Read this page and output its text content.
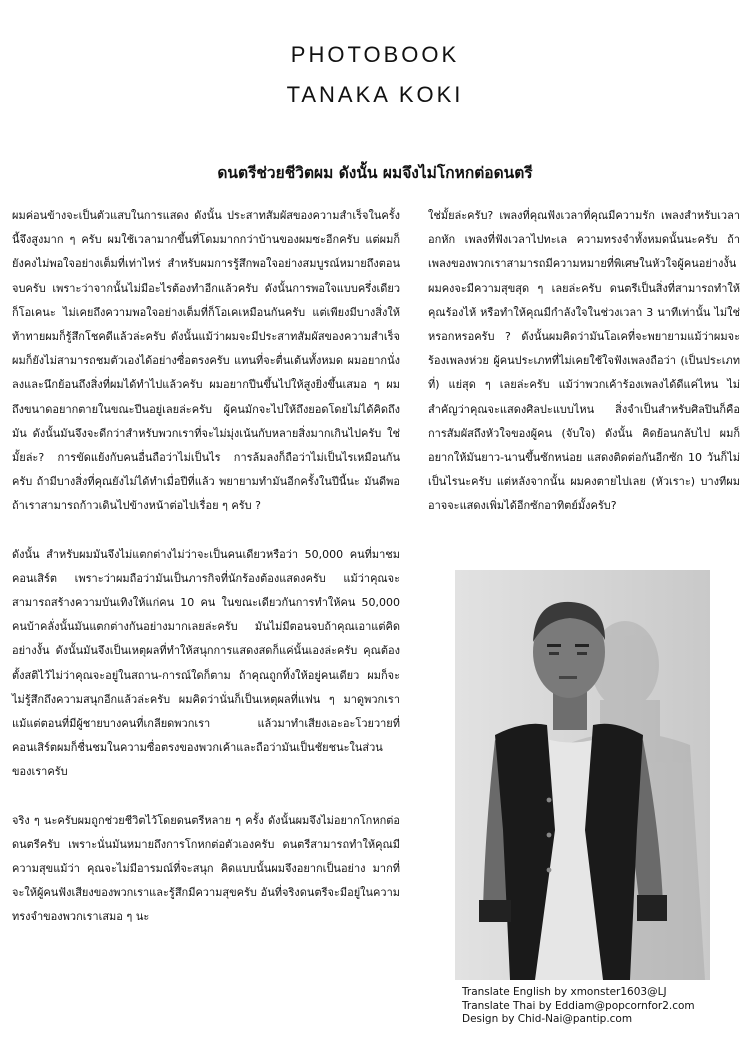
PHOTOBOOK
TANAKA KOKI
ดนตรีช่วยชีวิตผม ดังนั้น ผมจึงไม่โกหกต่อดนตรี

ผมค่อนข้างจะเป็นตัวแสบในการแสดง ดังนั้น ประสาทสัมผัสของความสำเร็จในครั้งนี้จึงสูงมาก ๆ ครับ ผมใช้เวลามากขึ้นที่โดมมากกว่าบ้านของผมซะอีกครับ แต่ผมก็ยังคงไม่พอใจอย่างเต็มที่เท่าไหร่ สำหรับผมการรู้สึกพอใจอย่างสมบูรณ์หมายถึงตอนจบครับ เพราะว่าจากนั้นไม่มีอะไรต้องทำอีกแล้วครับ ดังนั้นการพอใจแบบครึ่งเดียวก็โอเคนะ ไม่เคยถึงความพอใจอย่างเต็มที่ก็โอเคเหมือนกันครับ แต่เพียงมีบางสิ่งให้ท้าทายผมก็รู้สึกโชคดีแล้วล่ะครับ ดังนั้นแม้ว่าผมจะมีประสาทสัมผัสของความสำเร็จ ผมก็ยังไม่สามารถชมตัวเองได้อย่างซื่อตรงครับ แทนที่จะตื่นเต้นทั้งหมด ผมอยากนั่งลงและนึกย้อนถึงสิ่งที่ผมได้ทำไปแล้วครับ ผมอยากปีนขึ้นไปให้สูงยิ่งขึ้นเสมอ ๆ ผมถึงขนาดอยากตายในขณะปีนอยู่เลยล่ะครับ ผู้คนมักจะไปให้ถึงยอดโดยไม่ได้คิดถึงมัน ดังนั้นมันจึงจะดีกว่าสำหรับพวกเราที่จะไม่มุ่งเน้นกับหลายสิ่งมากเกินไปครับ ใช่มั้ยล่ะ? การขัดแย้งกับคนอื่นถือว่าไม่เป็นไร การล้มลงก็ถือว่าไม่เป็นไรเหมือนกันครับ ถ้ามีบางสิ่งที่คุณยังไม่ได้ทำเมื่อปีที่แล้ว พยายามทำมันอีกครั้งในปีนี้นะ มันดีพอถ้าเราสามารถก้าวเดินไปข้างหน้าต่อไปเรื่อย ๆ ครับ ?

ดังนั้น สำหรับผมมันจึงไม่แตกต่างไม่ว่าจะเป็นคนเดียวหรือว่า 50,000 คนที่มาชมคอนเสิร์ต เพราะว่าผมถือว่ามันเป็นภารกิจที่นักร้องต้องแสดงครับ แม้ว่าคุณจะสามารถสร้างความบันเทิงให้แก่คน 10 คน ในขณะเดียวกันการทำให้คน 50,000 คนบ้าคลั่งนั้นมันแตกต่างกันอย่างมากเลยล่ะครับ มันไม่มีตอนจบถ้าคุณเอาแต่คิดอย่างงั้น ดังนั้นมันจึงเป็นเหตุผลที่ทำให้สนุกการแสดงสดก็แค่นั้นเองล่ะครับ คุณต้องตั้งสติไว้ไม่ว่าคุณจะอยู่ในสถาน-การณ์ใดก็ตาม ถ้าคุณถูกทิ้งให้อยู่คนเดียว ผมก็จะไม่รู้สึกถึงความสนุกอีกแล้วล่ะครับ ผมคิดว่านั่นก็เป็นเหตุผลที่แฟน ๆ มาดูพวกเรา แม้แต่ตอนที่มีผู้ชายบางคนที่เกลียดพวกเรา แล้วมาทำเสียงเอะอะโวยวายที่คอนเสิร์ตผมก็ชื่นชมในความซื่อตรงของพวกเค้าและถือว่ามันเป็นชัยชนะในส่วนของเราครับ

จริง ๆ นะครับผมถูกช่วยชีวิตไว้โดยดนตรีหลาย ๆ ครั้ง ดังนั้นผมจึงไม่อยากโกหกต่อดนตรีครับ เพราะนั่นมันหมายถึงการโกหกต่อตัวเองครับ ดนตรีสามารถทำให้คุณมีความสุขแม้ว่า คุณจะไม่มีอารมณ์ที่จะสนุก คิดแบบนั้นผมจึงอยากเป็นอย่าง มากที่จะให้ผู้คนฟังเสียงของพวกเราและรู้สึกมีความสุขครับ อันที่จริงดนตรีจะมีอยู่ในความทรงจำของพวกเราเสมอ ๆ นะ

ใช่มั้ยล่ะครับ? เพลงที่คุณฟังเวลาที่คุณมีความรัก เพลงสำหรับเวลาอกหัก เพลงที่ฟังเวลาไปทะเล ความทรงจำทั้งหมดนั้นนะครับ ถ้าเพลงของพวกเราสามารถมีความหมายที่พิเศษในหัวใจผู้คนอย่างงั้น ผมคงจะมีความสุขสุด ๆ เลยล่ะครับ ดนตรีเป็นสิ่งที่สามารถทำให้คุณร้องไห้ หรือทำให้คุณมีกำลังใจในช่วงเวลา 3 นาทีเท่านั้น ไม่ใช่หรอกหรอครับ ? ดังนั้นผมคิดว่ามันโอเคที่จะพยายามแม้ว่าผมจะร้องเพลงห่วย ผู้คนประเภทที่ไม่เคยใช้ใจฟังเพลงถือว่า (เป็นประเภทที่) แย่สุด ๆ เลยล่ะครับ แม้ว่าพวกเค้าร้องเพลงได้ดีแค่ไหน ไม่สำคัญว่าคุณจะแสดงศิลปะแบบไหน สิ่งจำเป็นสำหรับศิลปินก็คือการสัมผัสถึงหัวใจของผู้คน (จับใจ) ดังนั้น คิดย้อนกลับไป ผมก็อยากให้มันยาว-นานขึ้นซักหน่อย แสดงติดต่อกันอีกซัก 10 วันก็ไม่เป็นไรนะครับ แต่หลังจากนั้น ผมคงตายไปเลย (หัวเราะ) บางทีผมอาจจะแสดงเพิ่มได้อีกซักอาทิตย์มั้งครับ?

Translate English by xmonster1603@LJ
Translate Thai by Eddiam@popcornfor2.com
Design by Chid-Nai@pantip.com
